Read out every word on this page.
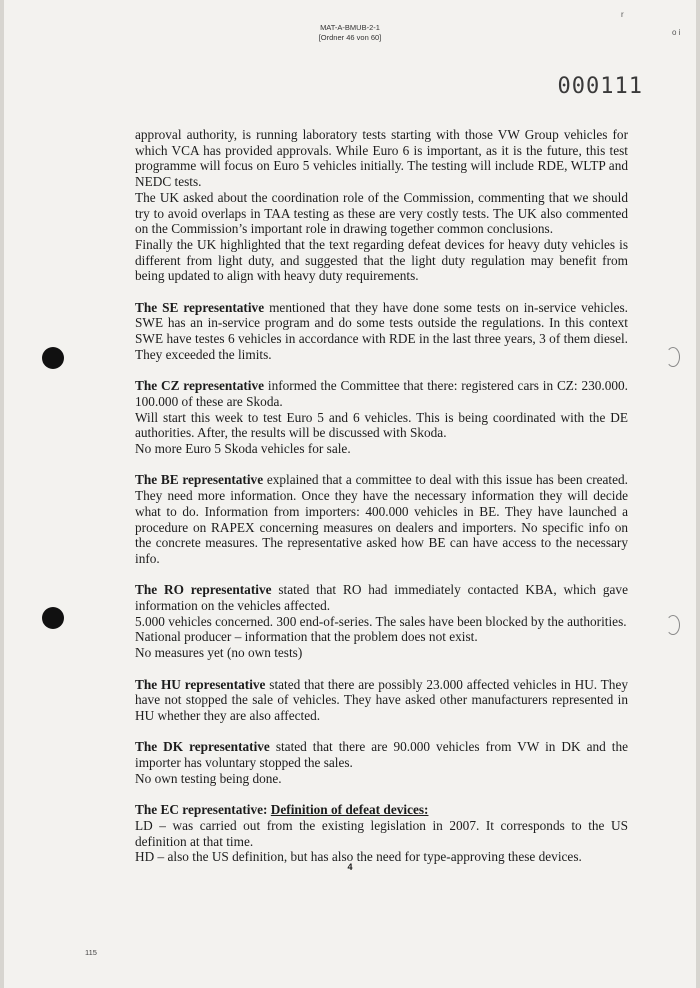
MAT-A-BMUB-2-1
[Ordner 46 von 60]
r
o i
000111

approval authority, is running laboratory tests starting with those VW Group vehicles for which VCA has provided approvals. While Euro 6 is important, as it is the future, this test programme will focus on Euro 5 vehicles initially. The testing will include RDE, WLTP and NEDC tests.

The UK asked about the coordination role of the Commission, commenting that we should try to avoid overlaps in TAA testing as these are very costly tests. The UK also commented on the Commission’s important role in drawing together common conclusions.

Finally the UK highlighted that the text regarding defeat devices for heavy duty vehicles is different from light duty, and suggested that the light duty regulation may benefit from being updated to align with heavy duty requirements.

The SE representative mentioned that they have done some tests on in-service vehicles. SWE has an in-service program and do some tests outside the regulations. In this context SWE have testes 6 vehicles in accordance with RDE in the last three years, 3 of them diesel. They exceeded the limits.

The CZ representative informed the Committee that there: registered cars in CZ: 230.000. 100.000 of these are Skoda.

Will start this week to test Euro 5 and 6 vehicles. This is being coordinated with the DE authorities. After, the results will be discussed with Skoda.

No more Euro 5 Skoda vehicles for sale.

The BE representative explained that a committee to deal with this issue has been created. They need more information. Once they have the necessary information they will decide what to do. Information from importers: 400.000 vehicles in BE. They have launched a procedure on RAPEX concerning measures on dealers and importers. No specific info on the concrete measures. The representative asked how BE can have access to the necessary info.

The RO representative stated that RO had immediately contacted KBA, which gave information on the vehicles affected.

5.000 vehicles concerned. 300 end-of-series. The sales have been blocked by the authorities.

National producer – information that the problem does not exist.

No measures yet (no own tests)

The HU representative stated that there are possibly 23.000 affected vehicles in HU. They have not stopped the sale of vehicles. They have asked other manufacturers represented in HU whether they are also affected.

The DK representative stated that there are 90.000 vehicles from VW in DK and the importer has voluntary stopped the sales.

No own testing being done.

The EC representative: Definition of defeat devices:

LD – was carried out from the existing legislation in 2007. It corresponds to the US definition at that time.

HD – also the US definition, but has also the need for type-approving these devices.

4
115
